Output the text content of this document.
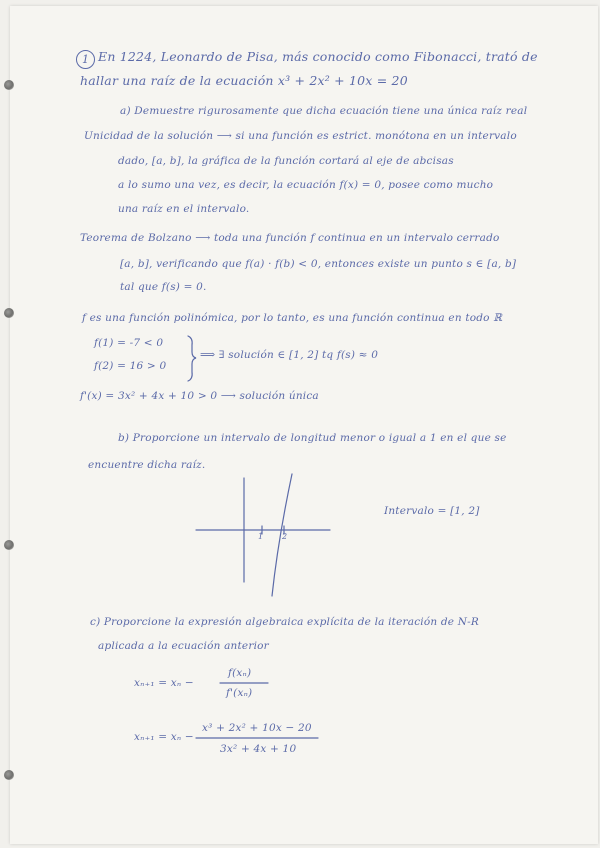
1 En 1224, Leonardo de Pisa, más conocido como Fibonacci, trató de
hallar una raíz de la ecuación x³ + 2x² + 10x = 20
a) Demuestre rigurosamente que dicha ecuación tiene una única raíz real
Unicidad de la solución ⟶ si una función es estrict. monótona en un intervalo
dado, [a, b], la gráfica de la función cortará al eje de abcisas
a lo sumo una vez, es decir, la ecuación f(x) = 0, posee como mucho
una raíz en el intervalo.
Teorema de Bolzano ⟶ toda una función f continua en un intervalo cerrado
[a, b], verificando que f(a) · f(b) < 0, entonces existe un punto s ∈ [a, b]
tal que f(s) = 0.
f es una función polinómica, por lo tanto, es una función continua en todo ℝ
f(1) = -7 < 0
f(2) = 16 > 0
⟹ ∃ solución ∈ [1, 2] tq f(s) ≈ 0
f'(x) = 3x² + 4x + 10 > 0 ⟶ solución única
b) Proporcione un intervalo de longitud menor o igual a 1 en el que se
encuentre dicha raíz.
1 2
Intervalo = [1, 2]
c) Proporcione la expresión algebraica explícita de la iteración de N-R
aplicada a la ecuación anterior
xₙ₊₁ = xₙ −
f(xₙ)
f'(xₙ)
xₙ₊₁ = xₙ −
x³ + 2x² + 10x − 20
3x² + 4x + 10
